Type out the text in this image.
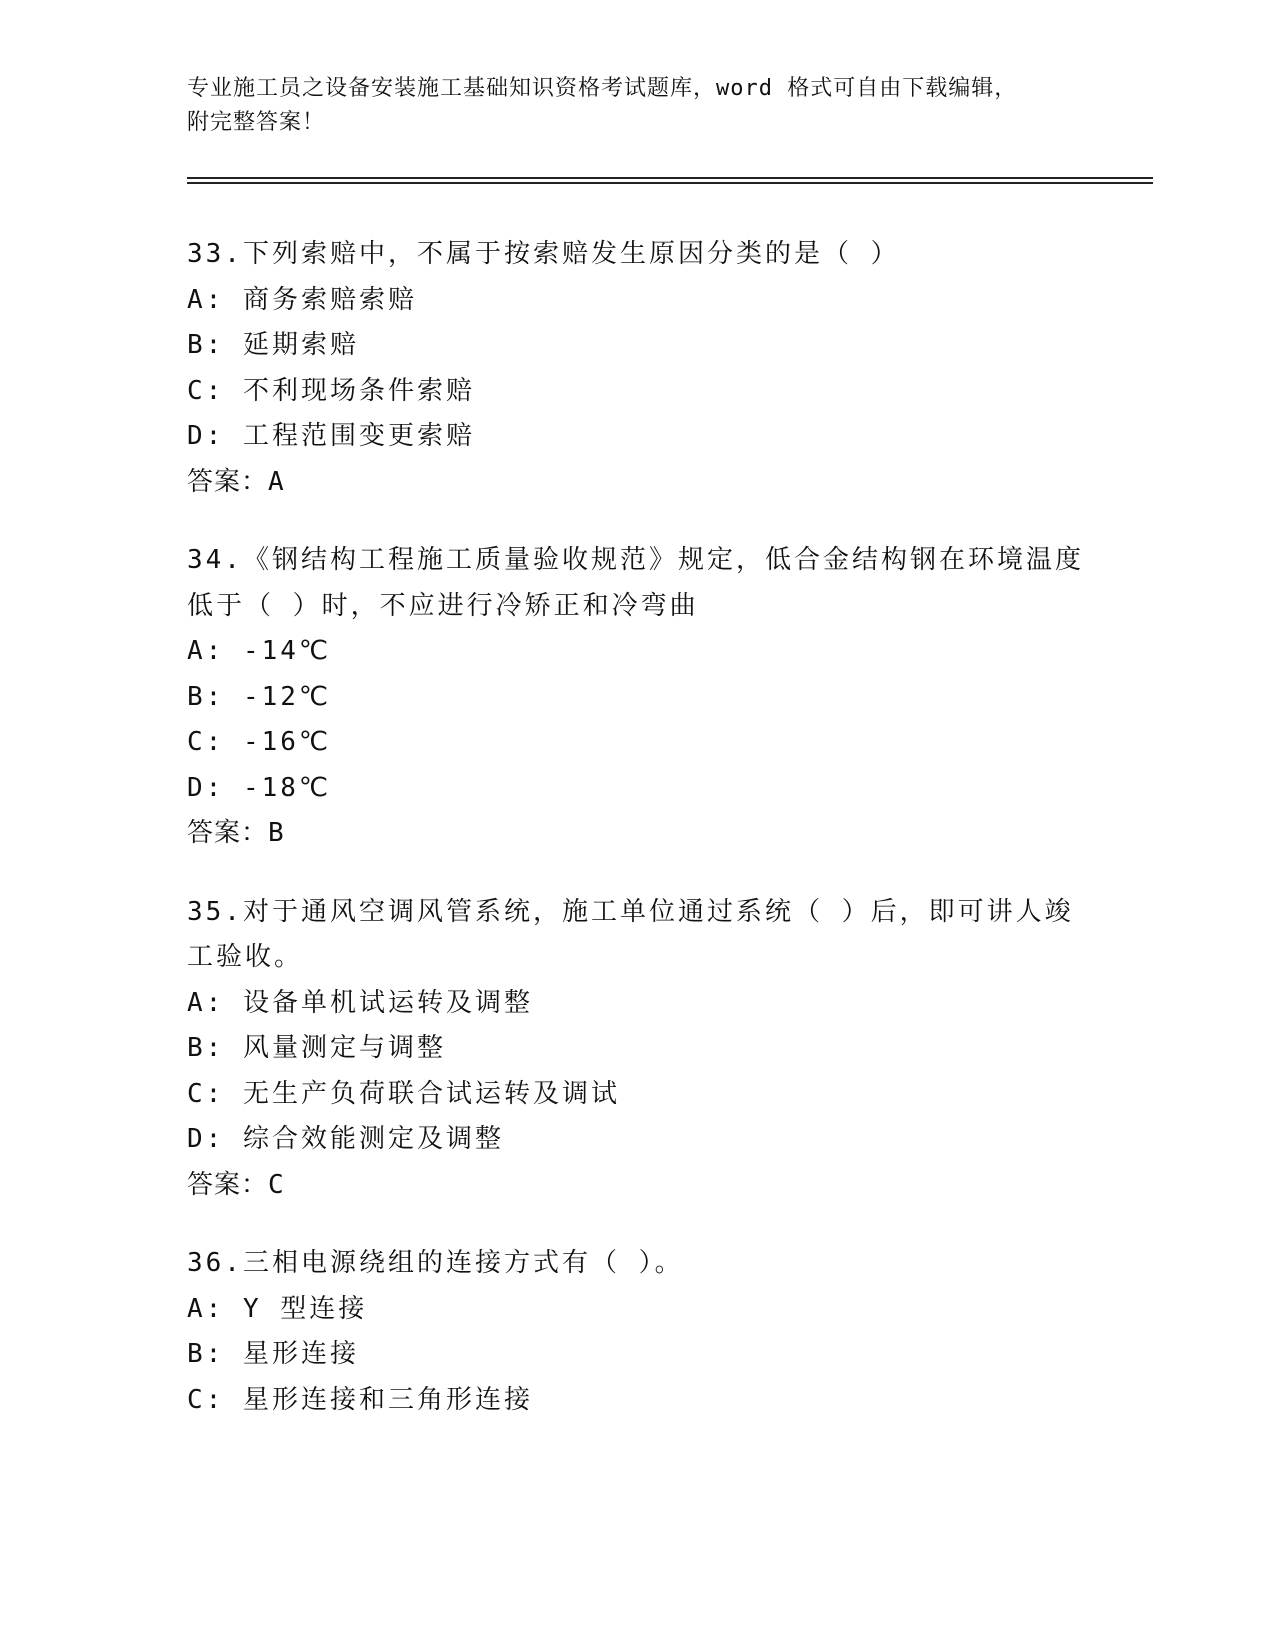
专业施工员之设备安装施工基础知识资格考试题库，word 格式可自由下载编辑，
附完整答案！
33.下列索赔中，不属于按索赔发生原因分类的是（ ）
A: 商务索赔索赔
B: 延期索赔
C: 不利现场条件索赔
D: 工程范围变更索赔
答案：A
34.《钢结构工程施工质量验收规范》规定，低合金结构钢在环境温度
低于（ ）时，不应进行冷矫正和冷弯曲
A: -14℃
B: -12℃
C: -16℃
D: -18℃
答案：B
35.对于通风空调风管系统，施工单位通过系统（ ）后，即可讲人竣
工验收。
A: 设备单机试运转及调整
B: 风量测定与调整
C: 无生产负荷联合试运转及调试
D: 综合效能测定及调整
答案：C
36.三相电源绕组的连接方式有（ ）。
A: Y 型连接
B: 星形连接
C: 星形连接和三角形连接
